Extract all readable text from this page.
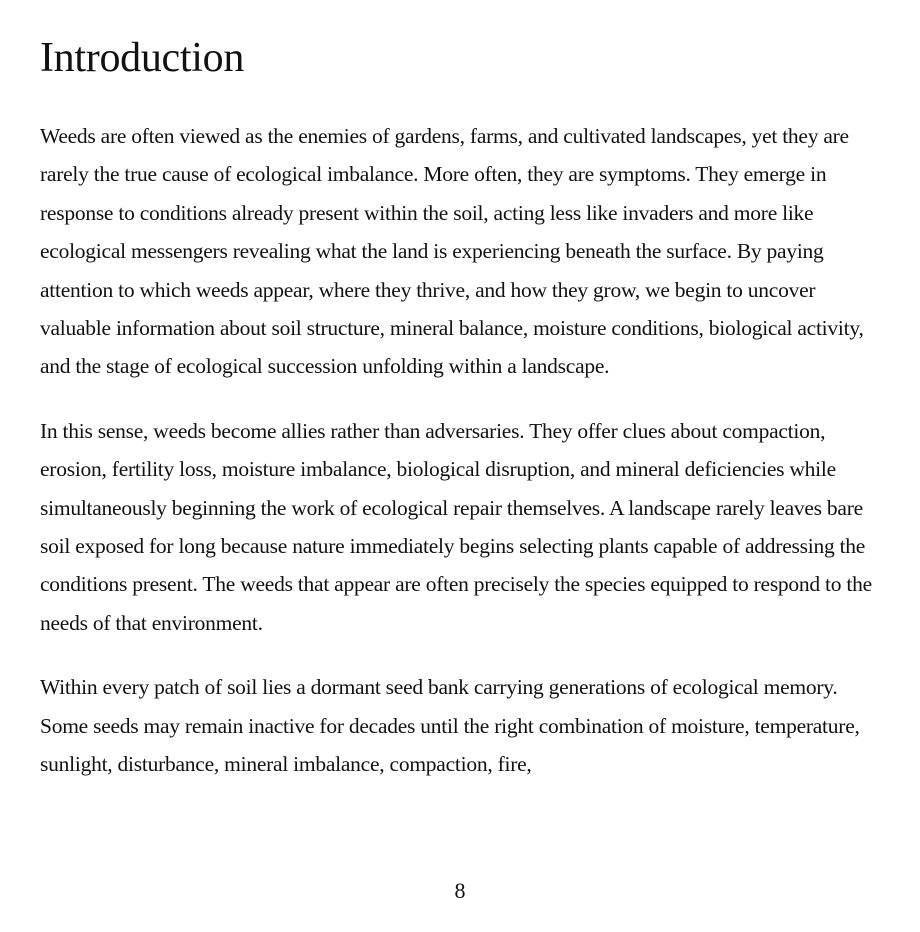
Introduction

Weeds are often viewed as the enemies of gardens, farms, and cultivated landscapes, yet they are rarely the true cause of ecological imbalance. More often, they are symptoms. They emerge in response to conditions already present within the soil, acting less like invaders and more like ecological messengers revealing what the land is experiencing beneath the surface. By paying attention to which weeds appear, where they thrive, and how they grow, we begin to uncover valuable information about soil structure, mineral balance, moisture conditions, biological activity, and the stage of ecological succession unfolding within a landscape.

In this sense, weeds become allies rather than adversaries. They offer clues about compaction, erosion, fertility loss, moisture imbalance, biological disruption, and mineral deficiencies while simultaneously beginning the work of ecological repair themselves. A landscape rarely leaves bare soil exposed for long because nature immediately begins selecting plants capable of addressing the conditions present. The weeds that appear are often precisely the species equipped to respond to the needs of that environment.

Within every patch of soil lies a dormant seed bank carrying generations of ecological memory. Some seeds may remain inactive for decades until the right combination of moisture, temperature, sunlight, disturbance, mineral imbalance, compaction, fire,

8
